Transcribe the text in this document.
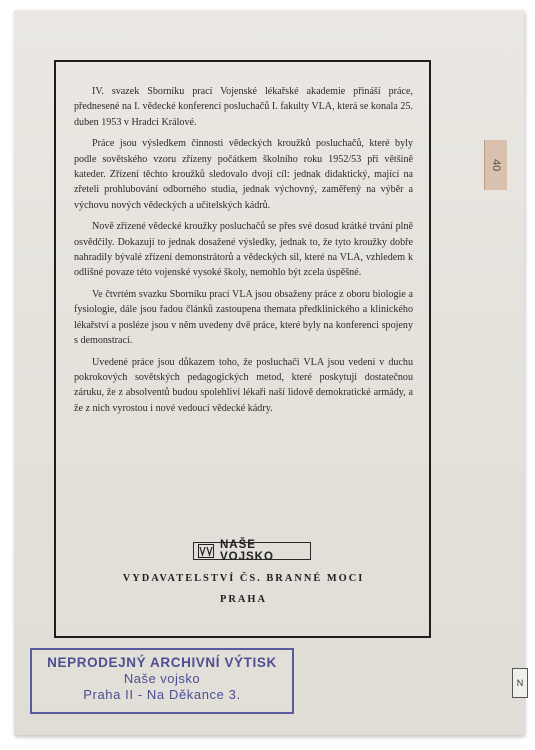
40
N

IV. svazek Sborníku prací Vojenské lékařské akademie přináší práce, přednesené na I. vědecké konferenci posluchačů I. fakulty VLA, která se konala 25. duben 1953 v Hradci Králové.

Práce jsou výsledkem činnosti vědeckých kroužků posluchačů, které byly podle sovětského vzoru zřízeny počátkem školního roku 1952/53 při většině kateder. Zřízení těchto kroužků sledovalo dvojí cíl: jednak didaktický, mající na zřeteli prohlubování odborného studia, jednak výchovný, zaměřený na výběr a výchovu nových vědeckých a učitelských kádrů.

Nově zřízené vědecké kroužky posluchačů se přes své dosud krátké trvání plně osvědčily. Dokazují to jednak dosažené výsledky, jednak to, že tyto kroužky dobře nahradily bývalé zřízení demonstrátorů a vědeckých sil, které na VLA, vzhledem k odlišné povaze této vojenské vysoké školy, nemohlo být zcela úspěšné.

Ve čtvrtém svazku Sborníku prací VLA jsou obsaženy práce z oboru biologie a fysiologie, dále jsou řadou článků zastoupena themata předklinického a klinického lékařství a posléze jsou v něm uvedeny dvě práce, které byly na konferenci spojeny s demonstrací.

Uvedené práce jsou důkazem toho, že posluchači VLA jsou vedeni v duchu pokrokových sovětských pedagogických metod, které poskytují dostatečnou záruku, že z absolventů budou spolehliví lékaři naší lidově demokratické armády, a že z nich vyrostou i nové vedoucí vědecké kádry.

NAŠE VOJSKO
VYDAVATELSTVÍ ČS. BRANNÉ MOCI
PRAHA
NEPRODEJNÝ ARCHIVNÍ VÝTISK
Naše vojsko
Praha II - Na Děkance 3.
